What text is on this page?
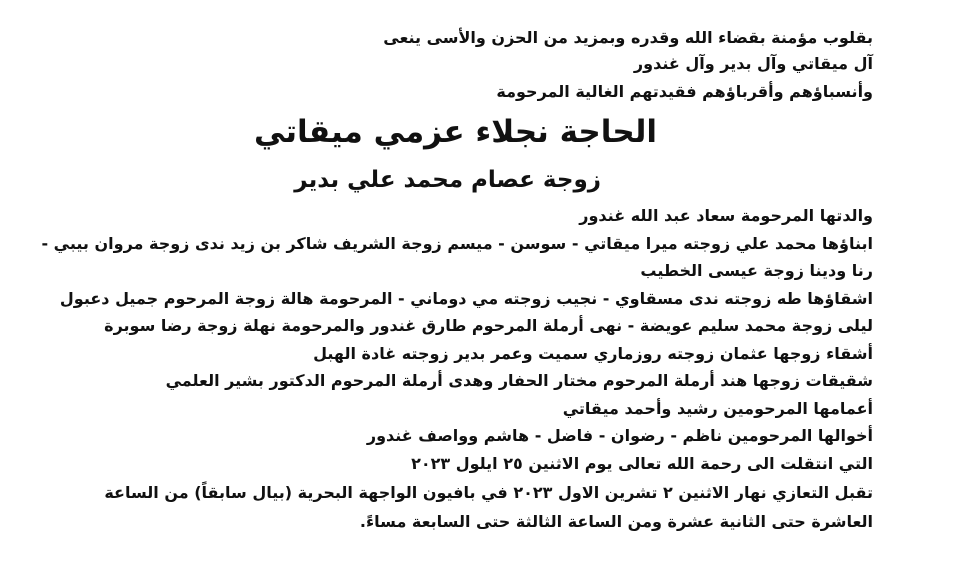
بقلوب مؤمنة بقضاء الله وقدره وبمزيد من الحزن والأسى ينعى

آل ميقاتي وآل بدير وآل غندور

وأنسباؤهم وأقرباؤهم فقيدتهم الغالية المرحومة

الحاجة نجلاء عزمي ميقاتي
زوجة عصام محمد علي بدير

والدتها المرحومة سعاد عبد الله غندور

ابناؤها محمد علي زوجته ميرا ميقاتي - سوسن - ميسم زوجة الشريف شاكر بن زيد ندى زوجة مروان بيبي -

رنا ودينا زوجة عيسى الخطيب

اشقاؤها طه زوجته ندى مسقاوي - نجيب زوجته مي دوماني - المرحومة هالة زوجة المرحوم جميل دعبول

ليلى زوجة محمد سليم عويضة - نهى أرملة المرحوم طارق غندور والمرحومة نهلة زوجة رضا سوبرة

أشقاء زوجها عثمان زوجته روزماري سميت وعمر بدير زوجته غادة الهبل

شقيقات زوجها هند أرملة المرحوم مختار الحفار وهدى أرملة المرحوم الدكتور بشير العلمي

أعمامها المرحومين رشيد وأحمد ميقاتي

أخوالها المرحومين ناظم - رضوان - فاضل - هاشم وواصف غندور

التي انتقلت الى رحمة الله تعالى يوم الاثنين ٢٥ ايلول ٢٠٢٣

تقبل التعازي نهار الاثنين ٢ تشرين الاول ٢٠٢٣ في بافيون الواجهة البحرية (بيال سابقاً) من الساعة

العاشرة حتى الثانية عشرة ومن الساعة الثالثة حتى السابعة مساءً.
